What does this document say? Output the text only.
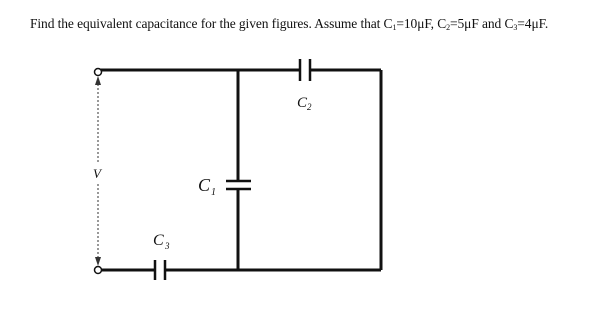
Find the equivalent capacitance for the given figures. Assume that $C_1=10\mu F$, $C_2=5\mu F$ and $C_3=4\mu F$.
V
C 1
C 2
C 3
